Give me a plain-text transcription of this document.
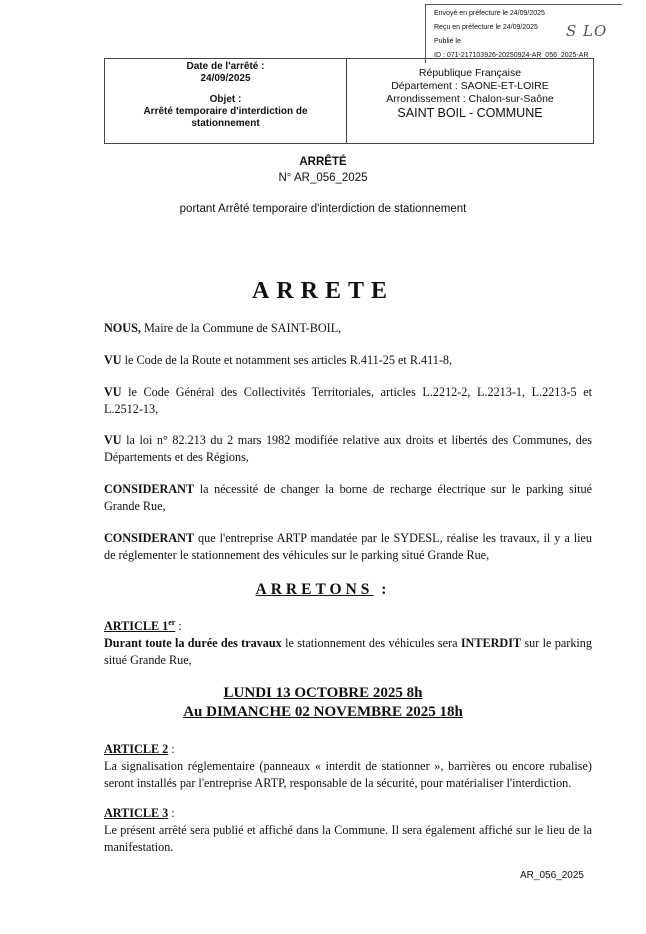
Envoyé en préfecture le 24/09/2025
Reçu en préfecture le 24/09/2025
Publié le
ID : 071-217103926-20250924-AR_056_2025-AR
S LO
Date de l'arrêté :
24/09/2025
Objet :
Arrêté temporaire d'interdiction de
stationnement
République Française
Département : SAONE-ET-LOIRE
Arrondissement : Chalon-sur-Saône
SAINT BOIL - COMMUNE
ARRÊTÉ
N° AR_056_2025
portant Arrêté temporaire d'interdiction de stationnement
ARRETE
NOUS, Maire de la Commune de SAINT-BOIL,
VU le Code de la Route et notamment ses articles R.411-25 et R.411-8,
VU le Code Général des Collectivités Territoriales, articles L.2212-2, L.2213-1, L.2213-5 et L.2512-13,
VU la loi n° 82.213 du 2 mars 1982 modifiée relative aux droits et libertés des Communes, des Départements et des Régions,
CONSIDERANT la nécessité de changer la borne de recharge électrique sur le parking situé Grande Rue,
CONSIDERANT que l'entreprise ARTP mandatée par le SYDESL, réalise les travaux, il y a lieu de réglementer le stationnement des véhicules sur le parking situé Grande Rue,
ARRETONS :
ARTICLE 1er :
Durant toute la durée des travaux le stationnement des véhicules sera INTERDIT sur le parking situé Grande Rue,
LUNDI 13 OCTOBRE 2025 8h
Au DIMANCHE 02 NOVEMBRE 2025 18h
ARTICLE 2 :
La signalisation réglementaire (panneaux « interdit de stationner », barrières ou encore rubalise) seront installés par l'entreprise ARTP, responsable de la sécurité, pour matérialiser l'interdiction.
ARTICLE 3 :
Le présent arrêté sera publié et affiché dans la Commune. Il sera également affiché sur le lieu de la manifestation.
AR_056_2025
